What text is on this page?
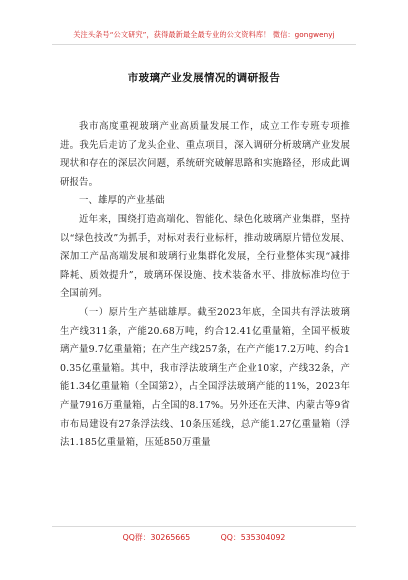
关注头条号“公文研究”，获得最新最全最专业的公文资料库！ 微信：gongwenyj
市玻璃产业发展情况的调研报告

我市高度重视玻璃产业高质量发展工作，成立工作专班专项推进。我先后走访了龙头企业、重点项目，深入调研分析玻璃产业发展现状和存在的深层次问题，系统研究破解思路和实施路径，形成此调研报告。

一、雄厚的产业基础

近年来，围绕打造高端化、智能化、绿色化玻璃产业集群，坚持以“绿色技改”为抓手，对标对表行业标杆，推动玻璃原片错位发展、深加工产品高端发展和玻璃行业集群化发展，全行业整体实现“减排降耗、质效提升”，玻璃环保设施、技术装备水平、排放标准均位于全国前列。

（一）原片生产基础雄厚。截至2023年底，全国共有浮法玻璃生产线311条，产能20.68万吨，约合12.41亿重量箱，全国平板玻璃产量9.7亿重量箱；在产生产线257条，在产产能17.2万吨、约合10.35亿重量箱。其中，我市浮法玻璃生产企业10家，产线32条，产能1.34亿重量箱（全国第2），占全国浮法玻璃产能的11%，2023年产量7916万重量箱，占全国的8.17%。另外还在天津、内蒙古等9省市布局建设有27条浮法线、10条压延线，总产能1.27亿重量箱（浮法1.185亿重量箱，压延850万重量

QQ群：30265665	QQ：535304092
